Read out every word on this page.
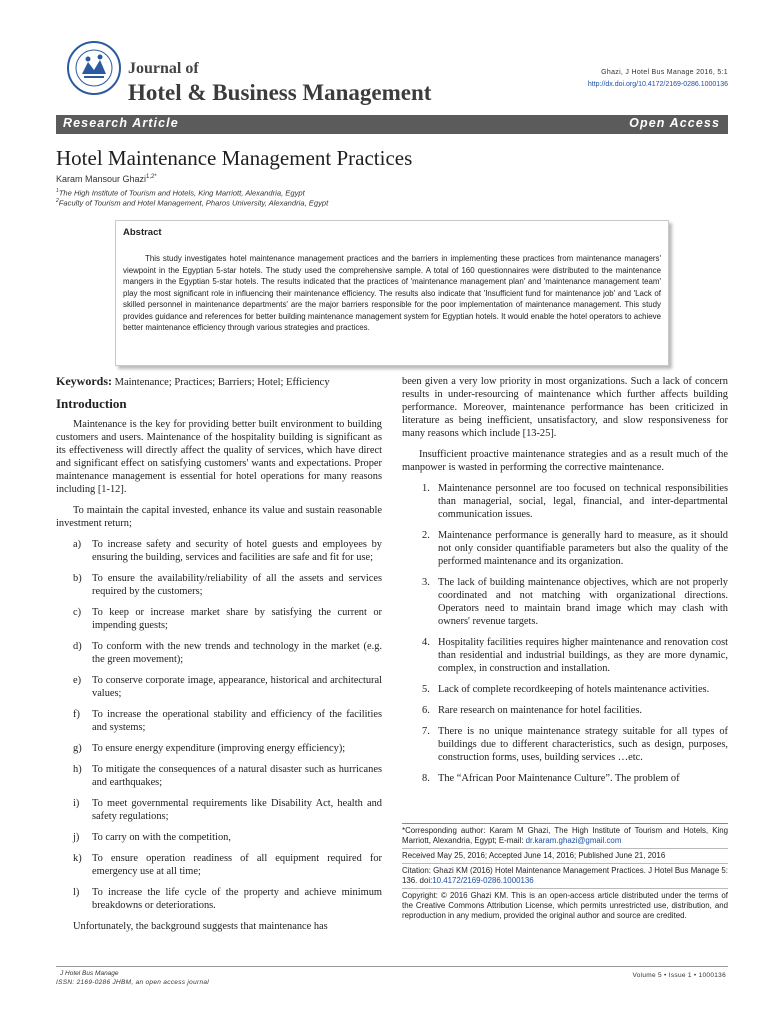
Journal of
Hotel & Business Management
Ghazi, J Hotel Bus Manage 2016, 5:1
http://dx.doi.org/10.4172/2169-0286.1000136
Research Article	Open Access
Hotel Maintenance Management Practices
Karam Mansour Ghazi$^{1,2*}$
$^1$The High Institute of Tourism and Hotels, King Marriott, Alexandria, Egypt
$^2$Faculty of Tourism and Hotel Management, Pharos University, Alexandria, Egypt
Abstract
This study investigates hotel maintenance management practices and the barriers in implementing these practices from maintenance managers' viewpoint in the Egyptian 5-star hotels. The study used the comprehensive sample. A total of 160 questionnaires were distributed to the maintenance mangers in the Egyptian 5-star hotels. The results indicated that the practices of 'maintenance management plan' and 'maintenance management team' play the most significant role in influencing their maintenance efficiency. The results also indicate that 'Insufficient fund for maintenance job' and 'Lack of skilled personnel in maintenance departments' are the major barriers responsible for the poor implementation of maintenance management. This study provides guidance and references for better building maintenance management system for Egyptian hotels. It would enable the hotel operators to achieve better maintenance efficiency through various strategies and practices.

Keywords: Maintenance; Practices; Barriers; Hotel; Efficiency

Introduction

Maintenance is the key for providing better built environment to building customers and users. Maintenance of the hospitality building is significant as its effectiveness will directly affect the quality of services, which have direct and significant effect on satisfying customers' wants and expectations. Proper maintenance management is essential for hotel operations for many reasons including [1-12].

To maintain the capital invested, enhance its value and sustain reasonable investment return;

a) To increase safety and security of hotel guests and employees by ensuring the building, services and facilities are safe and fit for use;
b) To ensure the availability/reliability of all the assets and services required by the customers;
c) To keep or increase market share by satisfying the current or impending guests;
d) To conform with the new trends and technology in the market (e.g. the green movement);
e) To conserve corporate image, appearance, historical and architectural values;
f) To increase the operational stability and efficiency of the facilities and systems;
g) To ensure energy expenditure (improving energy efficiency);
h) To mitigate the consequences of a natural disaster such as hurricanes and earthquakes;
i) To meet governmental requirements like Disability Act, health and safety regulations;
j) To carry on with the competition,
k) To ensure operation readiness of all equipment required for emergency use at all time;
l) To increase the life cycle of the property and achieve minimum breakdowns or deteriorations.

Unfortunately, the background suggests that maintenance has

been given a very low priority in most organizations. Such a lack of concern results in under-resourcing of maintenance which further affects building performance. Moreover, maintenance performance has been criticized in literature as being inefficient, unsatisfactory, and slow responsiveness for many reasons which include [13-25].

Insufficient proactive maintenance strategies and as a result much of the manpower is wasted in performing the corrective maintenance.

1. Maintenance personnel are too focused on technical responsibilities than managerial, social, legal, financial, and inter-departmental communication issues.
2. Maintenance performance is generally hard to measure, as it should not only consider quantifiable parameters but also the quality of the performed maintenance and its organization.
3. The lack of building maintenance objectives, which are not properly coordinated and not matching with organizational directions. Operators need to maintain brand image which may clash with owners' revenue targets.
4. Hospitality facilities requires higher maintenance and renovation cost than residential and industrial buildings, as they are more dynamic, complex, in construction and installation.
5. Lack of complete recordkeeping of hotels maintenance activities.
6. Rare research on maintenance for hotel facilities.
7. There is no unique maintenance strategy suitable for all types of buildings due to different characteristics, such as design, purposes, construction forms, uses, building services …etc.
8. The “African Poor Maintenance Culture”. The problem of
*Corresponding author: Karam M Ghazi, The High Institute of Tourism and Hotels, King Marriott, Alexandria, Egypt; E-mail: dr.karam.ghazi@gmail.com
Received May 25, 2016; Accepted June 14, 2016; Published June 21, 2016
Citation: Ghazi KM (2016) Hotel Maintenance Management Practices. J Hotel Bus Manage 5: 136. doi:10.4172/2169-0286.1000136
Copyright: © 2016 Ghazi KM. This is an open-access article distributed under the terms of the Creative Commons Attribution License, which permits unrestricted use, distribution, and reproduction in any medium, provided the original author and source are credited.
J Hotel Bus Manage
ISSN: 2169-0286 JHBM, an open access journal
Volume 5 • Issue 1 • 1000136
